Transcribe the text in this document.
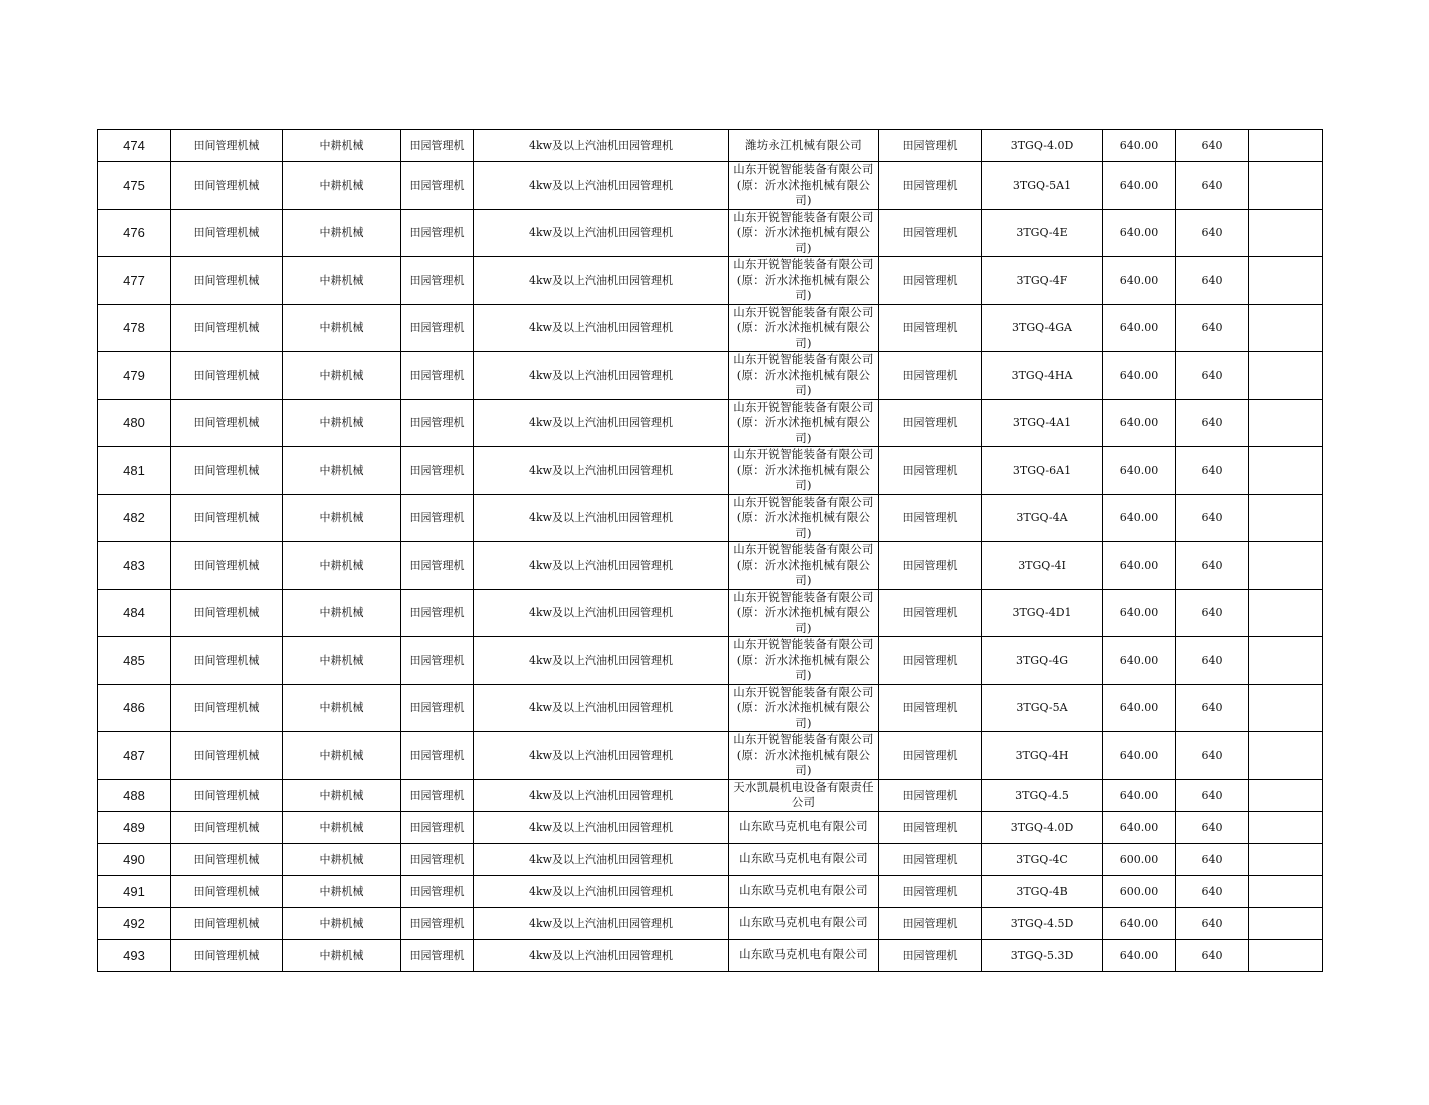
474	田间管理机械	中耕机械	田园管理机	4kw及以上汽油机田园管理机	潍坊永江机械有限公司	田园管理机	3TGQ-4.0D	640.00	640	
475	田间管理机械	中耕机械	田园管理机	4kw及以上汽油机田园管理机	山东开锐智能装备有限公司(原：沂水沭拖机械有限公司)	田园管理机	3TGQ-5A1	640.00	640	
476	田间管理机械	中耕机械	田园管理机	4kw及以上汽油机田园管理机	山东开锐智能装备有限公司(原：沂水沭拖机械有限公司)	田园管理机	3TGQ-4E	640.00	640	
477	田间管理机械	中耕机械	田园管理机	4kw及以上汽油机田园管理机	山东开锐智能装备有限公司(原：沂水沭拖机械有限公司)	田园管理机	3TGQ-4F	640.00	640	
478	田间管理机械	中耕机械	田园管理机	4kw及以上汽油机田园管理机	山东开锐智能装备有限公司(原：沂水沭拖机械有限公司)	田园管理机	3TGQ-4GA	640.00	640	
479	田间管理机械	中耕机械	田园管理机	4kw及以上汽油机田园管理机	山东开锐智能装备有限公司(原：沂水沭拖机械有限公司)	田园管理机	3TGQ-4HA	640.00	640	
480	田间管理机械	中耕机械	田园管理机	4kw及以上汽油机田园管理机	山东开锐智能装备有限公司(原：沂水沭拖机械有限公司)	田园管理机	3TGQ-4A1	640.00	640	
481	田间管理机械	中耕机械	田园管理机	4kw及以上汽油机田园管理机	山东开锐智能装备有限公司(原：沂水沭拖机械有限公司)	田园管理机	3TGQ-6A1	640.00	640	
482	田间管理机械	中耕机械	田园管理机	4kw及以上汽油机田园管理机	山东开锐智能装备有限公司(原：沂水沭拖机械有限公司)	田园管理机	3TGQ-4A	640.00	640	
483	田间管理机械	中耕机械	田园管理机	4kw及以上汽油机田园管理机	山东开锐智能装备有限公司(原：沂水沭拖机械有限公司)	田园管理机	3TGQ-4I	640.00	640	
484	田间管理机械	中耕机械	田园管理机	4kw及以上汽油机田园管理机	山东开锐智能装备有限公司(原：沂水沭拖机械有限公司)	田园管理机	3TGQ-4D1	640.00	640	
485	田间管理机械	中耕机械	田园管理机	4kw及以上汽油机田园管理机	山东开锐智能装备有限公司(原：沂水沭拖机械有限公司)	田园管理机	3TGQ-4G	640.00	640	
486	田间管理机械	中耕机械	田园管理机	4kw及以上汽油机田园管理机	山东开锐智能装备有限公司(原：沂水沭拖机械有限公司)	田园管理机	3TGQ-5A	640.00	640	
487	田间管理机械	中耕机械	田园管理机	4kw及以上汽油机田园管理机	山东开锐智能装备有限公司(原：沂水沭拖机械有限公司)	田园管理机	3TGQ-4H	640.00	640	
488	田间管理机械	中耕机械	田园管理机	4kw及以上汽油机田园管理机	天水凯晨机电设备有限责任公司	田园管理机	3TGQ-4.5	640.00	640	
489	田间管理机械	中耕机械	田园管理机	4kw及以上汽油机田园管理机	山东欧马克机电有限公司	田园管理机	3TGQ-4.0D	640.00	640	
490	田间管理机械	中耕机械	田园管理机	4kw及以上汽油机田园管理机	山东欧马克机电有限公司	田园管理机	3TGQ-4C	600.00	640	
491	田间管理机械	中耕机械	田园管理机	4kw及以上汽油机田园管理机	山东欧马克机电有限公司	田园管理机	3TGQ-4B	600.00	640	
492	田间管理机械	中耕机械	田园管理机	4kw及以上汽油机田园管理机	山东欧马克机电有限公司	田园管理机	3TGQ-4.5D	640.00	640	
493	田间管理机械	中耕机械	田园管理机	4kw及以上汽油机田园管理机	山东欧马克机电有限公司	田园管理机	3TGQ-5.3D	640.00	640	
